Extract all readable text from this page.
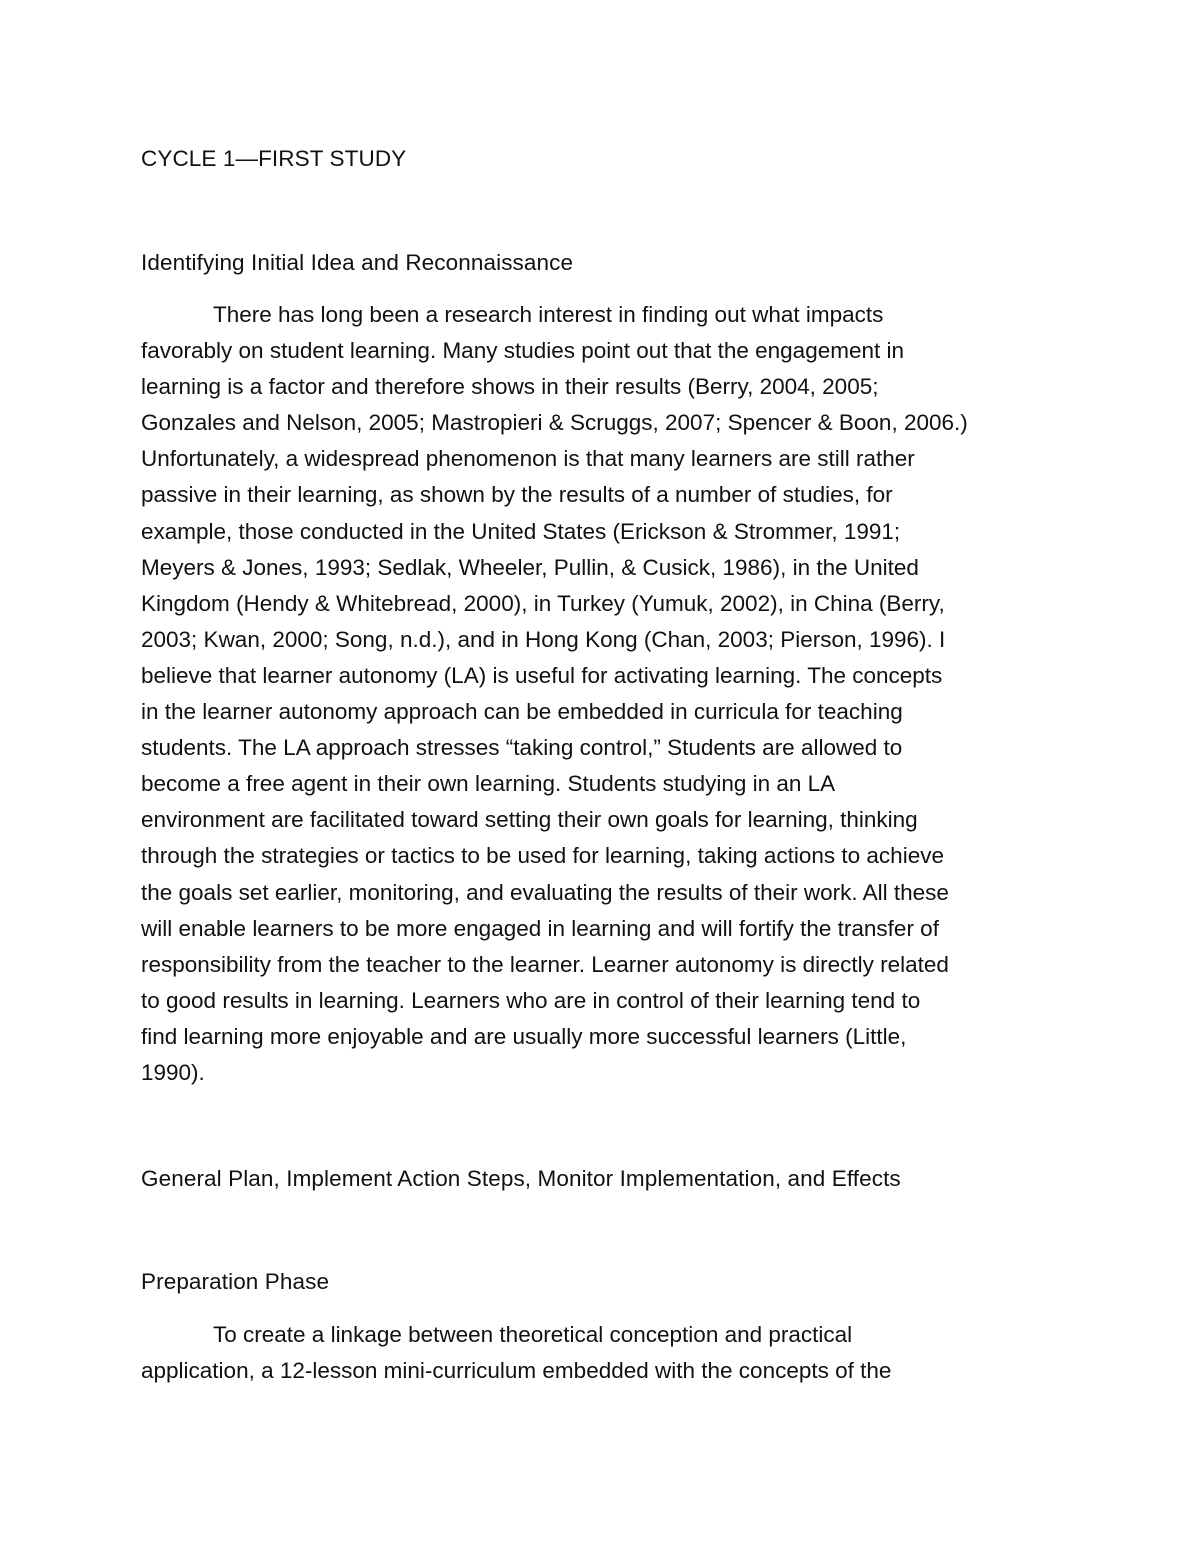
CYCLE 1—FIRST STUDY
Identifying Initial Idea and Reconnaissance
There has long been a research interest in finding out what impacts
favorably on student learning. Many studies point out that the engagement in
learning is a factor and therefore shows in their results (Berry, 2004, 2005;
Gonzales and Nelson, 2005; Mastropieri & Scruggs, 2007; Spencer & Boon, 2006.)
Unfortunately, a widespread phenomenon is that many learners are still rather
passive in their learning, as shown by the results of a number of studies, for
example, those conducted in the United States (Erickson & Strommer, 1991;
Meyers & Jones, 1993; Sedlak, Wheeler, Pullin, & Cusick, 1986), in the United
Kingdom (Hendy & Whitebread, 2000), in Turkey (Yumuk, 2002), in China (Berry,
2003; Kwan, 2000; Song, n.d.), and in Hong Kong (Chan, 2003; Pierson, 1996). I
believe that learner autonomy (LA) is useful for activating learning. The concepts
in the learner autonomy approach can be embedded in curricula for teaching
students. The LA approach stresses “taking control,” Students are allowed to
become a free agent in their own learning. Students studying in an LA
environment are facilitated toward setting their own goals for learning, thinking
through the strategies or tactics to be used for learning, taking actions to achieve
the goals set earlier, monitoring, and evaluating the results of their work. All these
will enable learners to be more engaged in learning and will fortify the transfer of
responsibility from the teacher to the learner. Learner autonomy is directly related
to good results in learning. Learners who are in control of their learning tend to
find learning more enjoyable and are usually more successful learners (Little,
1990).
General Plan, Implement Action Steps, Monitor Implementation, and Effects
Preparation Phase
To create a linkage between theoretical conception and practical
application, a 12-lesson mini-curriculum embedded with the concepts of the
